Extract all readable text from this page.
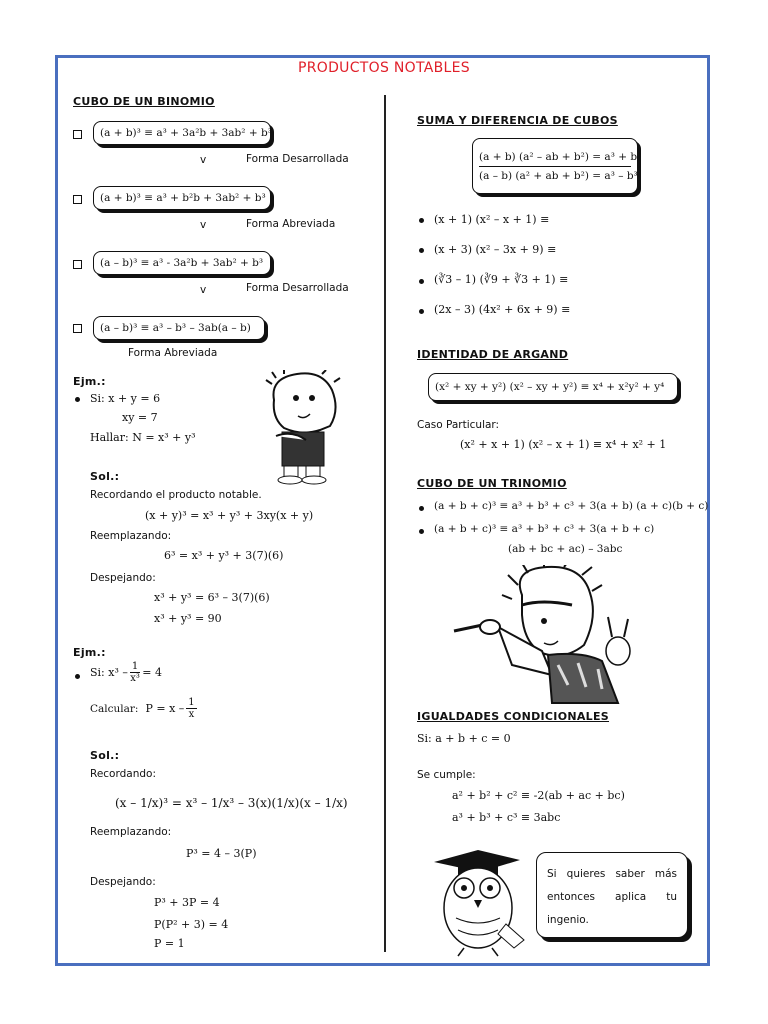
PRODUCTOS NOTABLES
CUBO DE UN BINOMIO
(a + b)³ ≡ a³ + 3a²b + 3ab² + b³
v	Forma Desarrollada
(a + b)³ ≡ a³ + b²b + 3ab² + b³
v	Forma Abreviada
(a – b)³ ≡ a³ - 3a²b + 3ab² + b³
v	Forma Desarrollada
(a – b)³ ≡ a³ – b³ – 3ab(a – b)
Forma Abreviada
Ejm.:
Si: x + y = 6
xy = 7
Hallar: N = x³ + y³
Sol.:
Recordando el producto notable.
(x + y)³ = x³ + y³ + 3xy(x + y)
Reemplazando:
6³ = x³ + y³ + 3(7)(6)
Despejando:
x³ + y³ = 6³ – 3(7)(6)
x³ + y³ = 90
Ejm.:
Si:
$x^3 - \frac{1}{\text{x³}} = 4$
Calcular:
$P = x - \frac{1}{x}$
Sol.:
Recordando:
(x – 1/x)³ = x³ – 1/x³ – 3(x)(1/x)(x – 1/x)
Reemplazando:
P³ = 4 – 3(P)
Despejando:
P³ + 3P = 4
P(P² + 3) = 4
P = 1
SUMA Y DIFERENCIA DE CUBOS
(a + b) (a² – ab + b²) = a³ + b³
(a – b) (a² + ab + b²) = a³ – b³
(x + 1) (x² – x + 1) ≡
(x + 3) (x² – 3x + 9) ≡
(∛3 – 1) (∛9 + ∛3 + 1) ≡
(2x – 3) (4x² + 6x + 9) ≡
IDENTIDAD DE ARGAND
(x² + xy + y²) (x² – xy + y²) ≡ x⁴ + x²y² + y⁴
Caso Particular:
(x² + x + 1) (x² – x + 1) ≡ x⁴ + x² + 1
CUBO DE UN TRINOMIO
(a + b + c)³ ≡ a³ + b³ + c³ + 3(a + b) (a + c)(b + c)
(a + b + c)³ ≡ a³ + b³ + c³ + 3(a + b + c)
(ab + bc + ac) – 3abc
IGUALDADES CONDICIONALES
Si: a + b + c = 0
Se cumple:
a² + b² + c² ≡ -2(ab + ac + bc)
a³ + b³ + c³ ≡ 3abc
Si quieres saber más entonces aplica tu ingenio.
